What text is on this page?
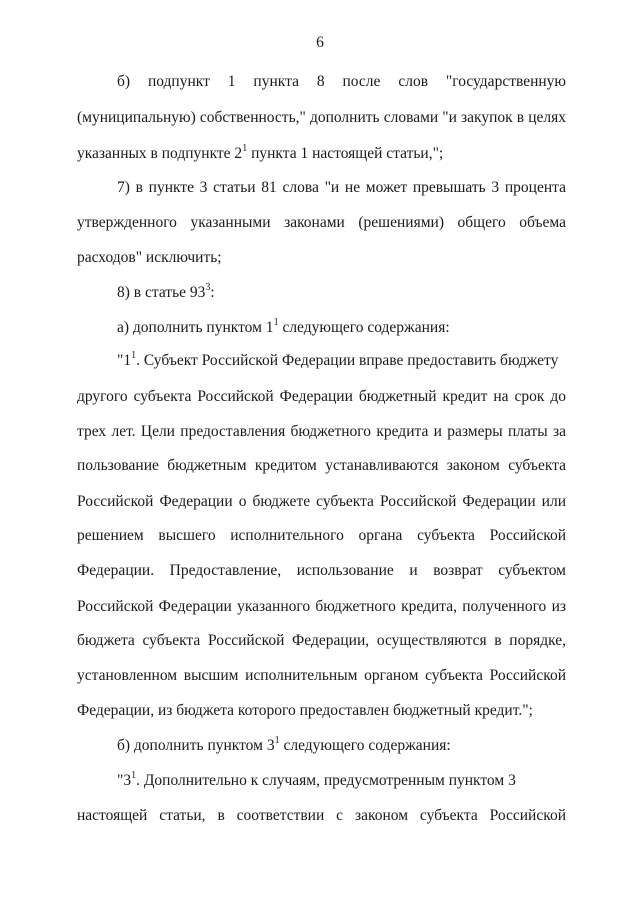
6
б) подпункт 1 пункта 8 после слов "государственную
(муниципальную) собственность," дополнить словами "и закупок в целях
указанных в подпункте $2^1$ пункта 1 настоящей статьи,";
7) в пункте 3 статьи 81 слова "и не может превышать 3 процента
утвержденного указанными законами (решениями) общего объема
расходов" исключить;
8) в статье $93^3$:
а) дополнить пунктом $1^1$ следующего содержания:
"$1^1$. Субъект Российской Федерации вправе предоставить бюджету
другого субъекта Российской Федерации бюджетный кредит на срок до
трех лет. Цели предоставления бюджетного кредита и размеры платы за
пользование бюджетным кредитом устанавливаются законом субъекта
Российской Федерации о бюджете субъекта Российской Федерации или
решением высшего исполнительного органа субъекта Российской
Федерации. Предоставление, использование и возврат субъектом
Российской Федерации указанного бюджетного кредита, полученного из
бюджета субъекта Российской Федерации, осуществляются в порядке,
установленном высшим исполнительным органом субъекта Российской
Федерации, из бюджета которого предоставлен бюджетный кредит.";
б) дополнить пунктом $3^1$ следующего содержания:
"$3^1$. Дополнительно к случаям, предусмотренным пунктом 3
настоящей статьи, в соответствии с законом субъекта Российской
